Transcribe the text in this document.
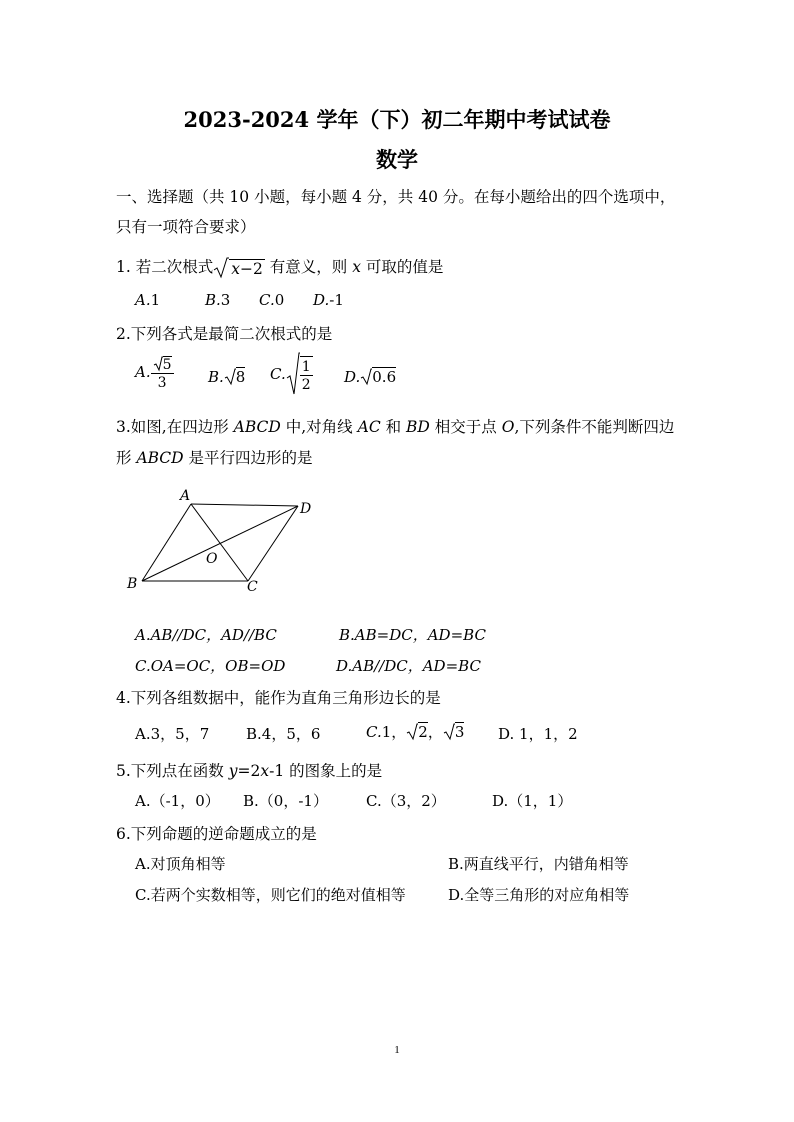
2023-2024 学年（下）初二年期中考试试卷
数学
一、选择题（共 10 小题，每小题 4 分，共 40 分。在每小题给出的四个选项中，
只有一项符合要求）
1. 若二次根式 x−2 有意义，则 x 可取的值是
A.1	B.3 C.0 D.-1
2.下列各式是最简二次根式的是
A. $\frac{5}{3} B$. 8 C. $\frac{1}{2} D$. 0.6
3.如图,在四边形 ABCD 中,对角线 AC 和 BD 相交于点 O,下列条件不能判断四边
形 ABCD 是平行四边形的是
A
D
B	C
O
A.AB//DC，AD//BC	B.AB=DC，AD=BC
C.OA=OC，OB=OD	D.AB//DC，AD=BC
4.下列各组数据中，能作为直角三角形边长的是
A.3，5，7 B.4，5，6	C.1， 2， 3 D. 1，1，2
5.下列点在函数 y=2x-1 的图象上的是
A.（-1，0） B.（0，-1）	C.（3，2）	D.（1，1）
6.下列命题的逆命题成立的是
A.对顶角相等	B.两直线平行，内错角相等
C.若两个实数相等，则它们的绝对值相等	D.全等三角形的对应角相等
1
